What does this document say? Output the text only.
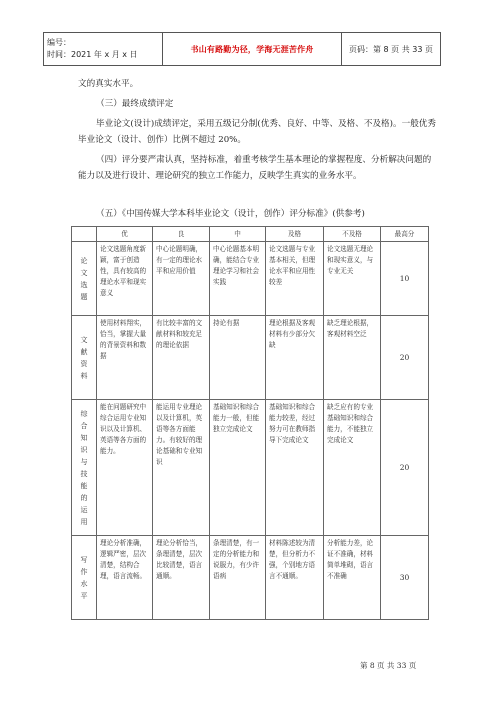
编号：
时间：2021 年 x 月 x 日
	书山有路勤为径，学海无涯苦作舟	页码：第 8 页 共 33 页

文的真实水平。

（三）最终成绩评定

毕业论文(设计)成绩评定，采用五级记分制(优秀、良好、中等、及格、不及格)。一般优秀毕业论文（设计、创作）比例不超过 20%。

（四）评分要严肃认真，坚持标准，着重考核学生基本理论的掌握程度、分析解决问题的能力以及进行设计、理论研究的独立工作能力，反映学生真实的业务水平。

（五）《中国传媒大学本科毕业论文（设计，创作）评分标准》(供参考)

	优	良	中	及格	不及格	最高分
论文选题	论文选题角度新颖，富于创造性，具有较高的理论水平和现实意义	中心论题明确，有一定的理论水平和应用价值	中心论题基本明确，能结合专业理论学习和社会实践	论文选题与专业基本相关，但理论水平和应用性较差	论文选题无理论和现实意义，与专业无关	10
文献资料	使用材料翔实，恰当，掌握大量的背景资料和数据	有比较丰富的文献材料和较充足的理论依据	持论有据	理论根据及客观材料有少部分欠缺	缺乏理论根据，客观材料空泛	20
综合知识与技能的运用	能在问题研究中综合运用专业知识以及计算机、英语等各方面的能力。	能运用专业理论以及计算机，英语等各方面能力。有较好的理论基础和专业知识	基础知识和综合能力一般，但能独立完成论文	基础知识和综合能力较差，经过努力可在教师指导下完成论文	缺乏应有的专业基础知识和综合能力，不能独立完成论文	20
写作水平	理论分析准确，逻辑严密，层次清楚，结构合理，语言流畅。	理论分析恰当，条理清楚，层次比较清楚，语言通顺。	条理清楚，有一定的分析能力和说服力，有少许语病	材料陈述较为清楚，但分析力不强，个别地方语言不通顺。	分析能力差，论证不准确，材料简单堆砌，语言不准确	30
第 8 页 共 33 页
